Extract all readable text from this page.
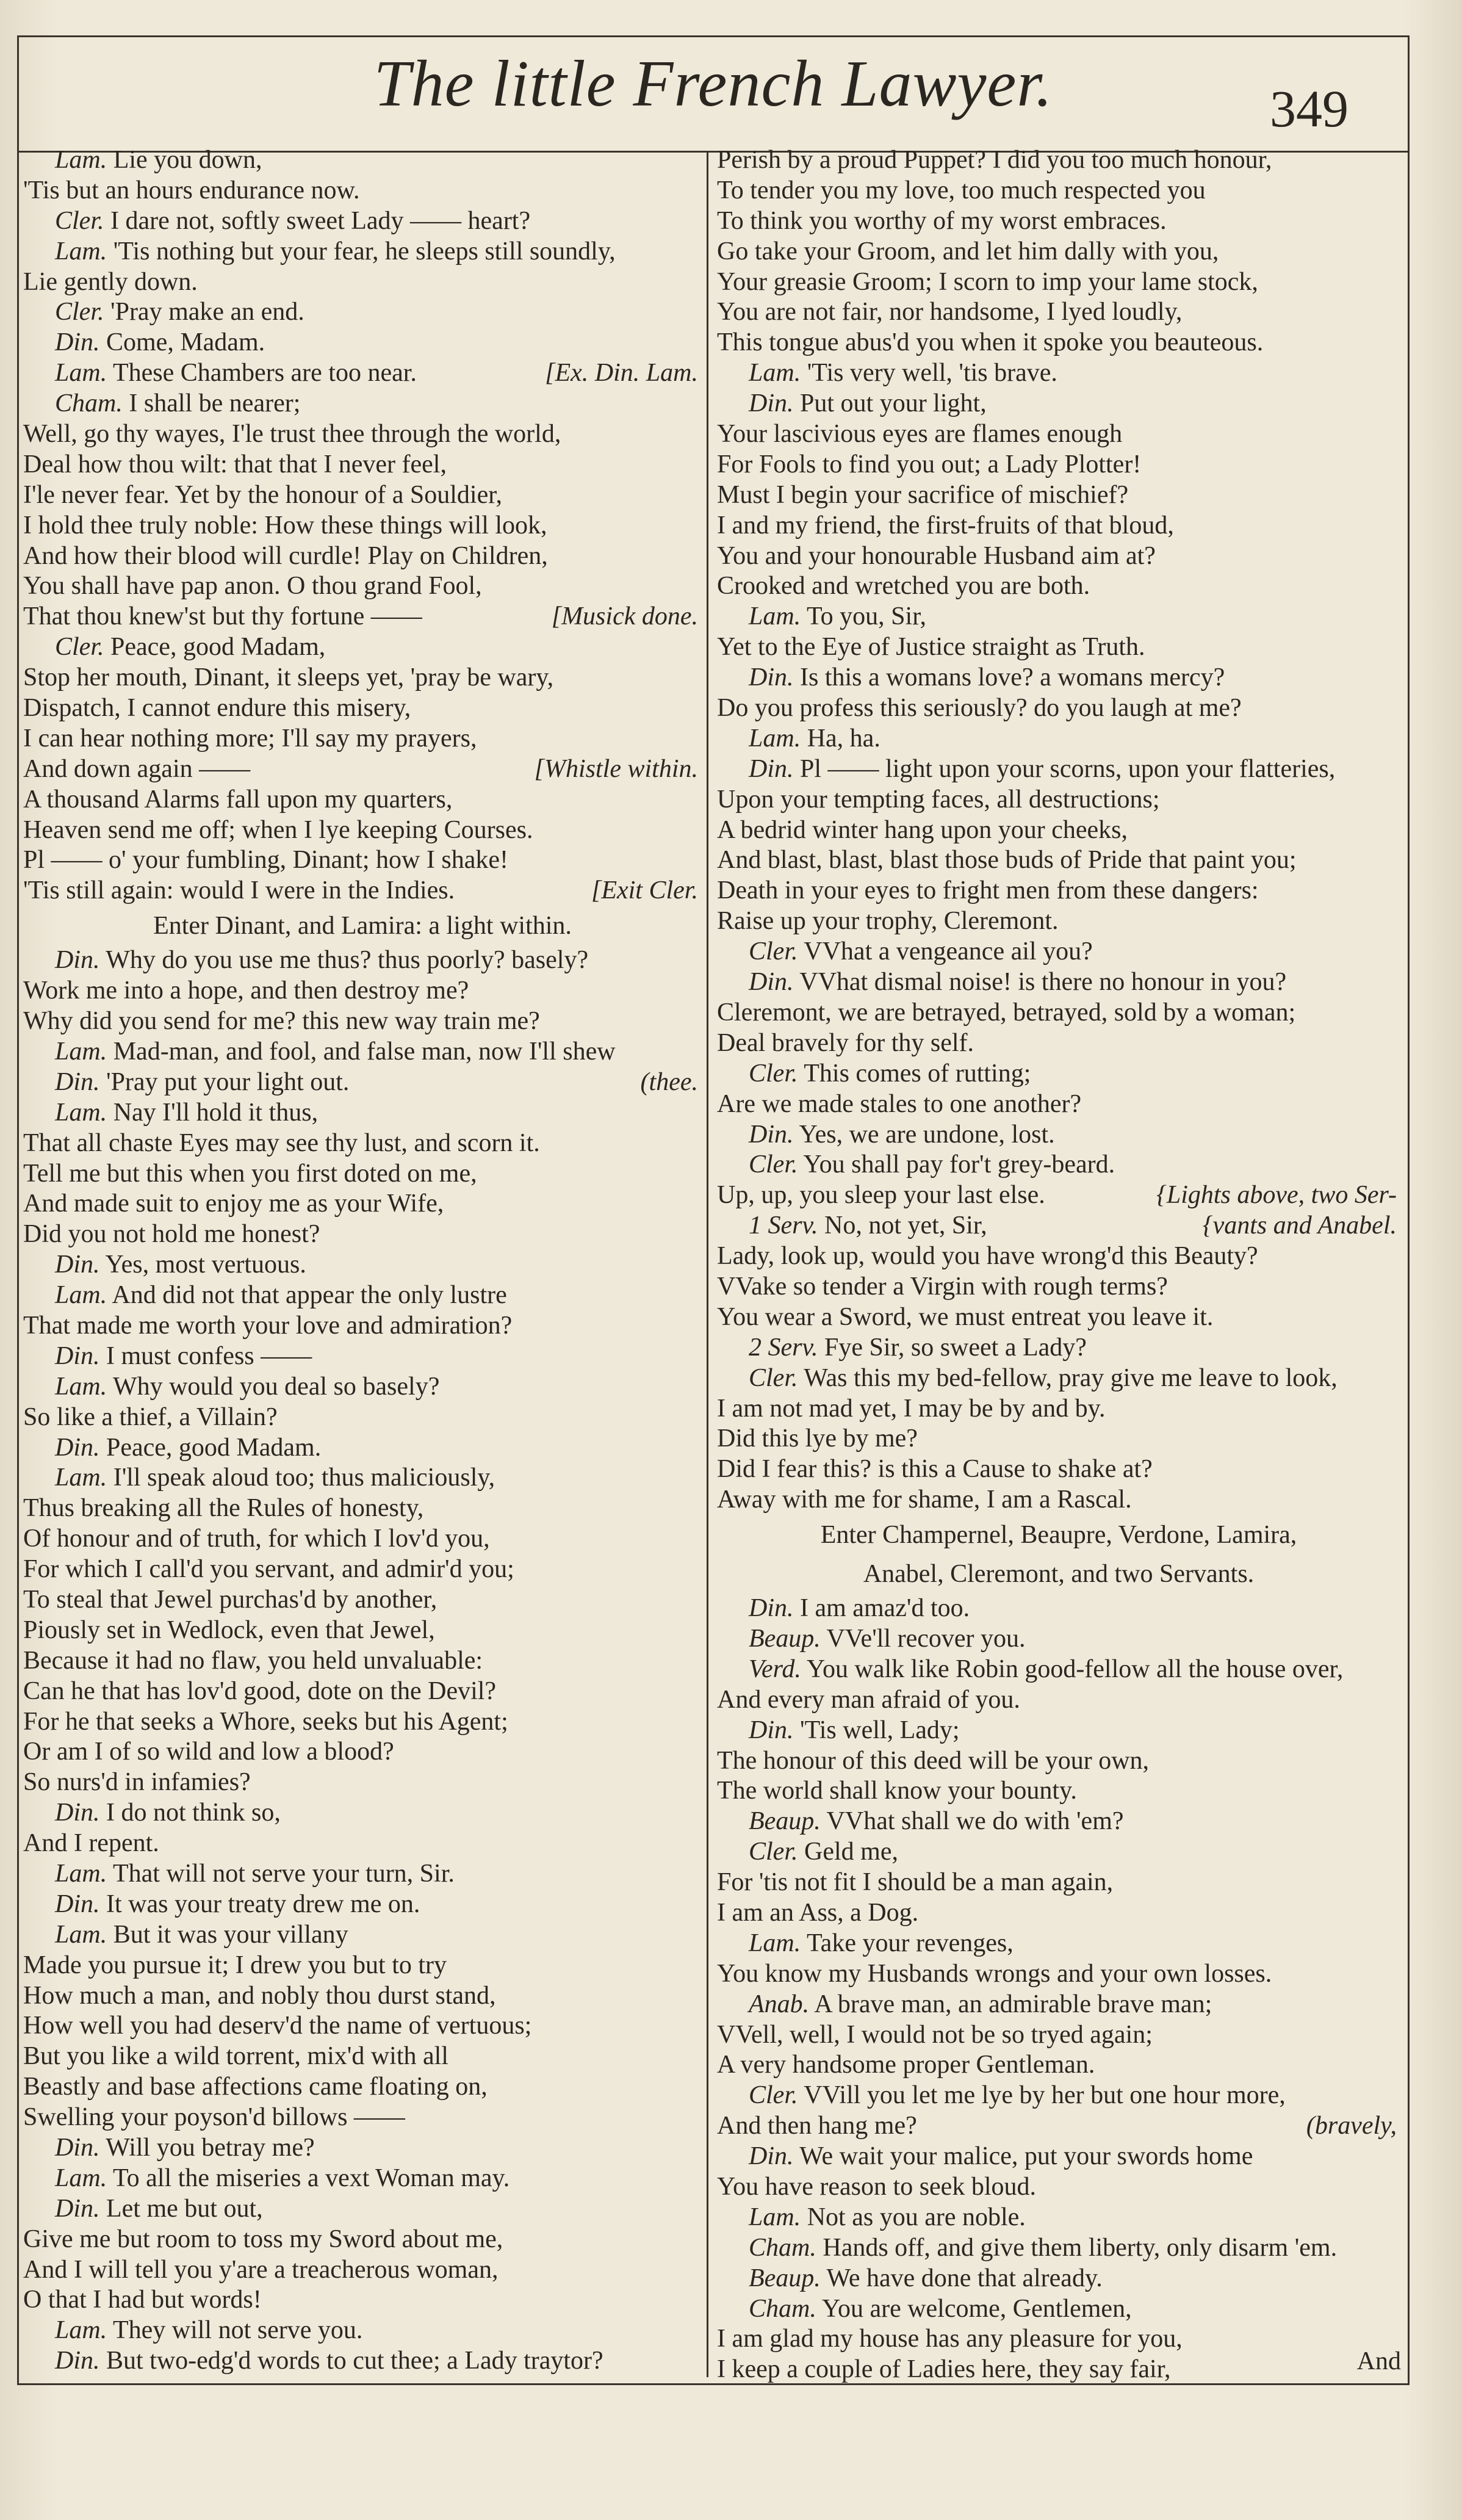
The little French Lawyer.	349
Lam. Lie you down,
'Tis but an hours endurance now.
Cler. I dare not, softly sweet Lady —— heart?
Lam. 'Tis nothing but your fear, he sleeps still soundly,
Lie gently down.
Cler. 'Pray make an end.
Din. Come, Madam.
Lam. These Chambers are too near.	[Ex. Din. Lam.
Cham. I shall be nearer;
Well, go thy wayes, I'le trust thee through the world,
Deal how thou wilt: that that I never feel,
I'le never fear. Yet by the honour of a Souldier,
I hold thee truly noble: How these things will look,
And how their blood will curdle! Play on Children,
You shall have pap anon. O thou grand Fool,
That thou knew'st but thy fortune ——	[Musick done.
Cler. Peace, good Madam,
Stop her mouth, Dinant, it sleeps yet, 'pray be wary,
Dispatch, I cannot endure this misery,
I can hear nothing more; I'll say my prayers,
And down again ——	[Whistle within.
A thousand Alarms fall upon my quarters,
Heaven send me off; when I lye keeping Courses.
Pl —— o' your fumbling, Dinant; how I shake!
'Tis still again: would I were in the Indies.	[Exit Cler.
Enter Dinant, and Lamira: a light within.
Din. Why do you use me thus? thus poorly? basely?
Work me into a hope, and then destroy me?
Why did you send for me? this new way train me?
Lam. Mad-man, and fool, and false man, now I'll shew
Din. 'Pray put your light out.	(thee.
Lam. Nay I'll hold it thus,
That all chaste Eyes may see thy lust, and scorn it.
Tell me but this when you first doted on me,
And made suit to enjoy me as your Wife,
Did you not hold me honest?
Din. Yes, most vertuous.
Lam. And did not that appear the only lustre
That made me worth your love and admiration?
Din. I must confess ——
Lam. Why would you deal so basely?
So like a thief, a Villain?
Din. Peace, good Madam.
Lam. I'll speak aloud too; thus maliciously,
Thus breaking all the Rules of honesty,
Of honour and of truth, for which I lov'd you,
For which I call'd you servant, and admir'd you;
To steal that Jewel purchas'd by another,
Piously set in Wedlock, even that Jewel,
Because it had no flaw, you held unvaluable:
Can he that has lov'd good, dote on the Devil?
For he that seeks a Whore, seeks but his Agent;
Or am I of so wild and low a blood?
So nurs'd in infamies?
Din. I do not think so,
And I repent.
Lam. That will not serve your turn, Sir.
Din. It was your treaty drew me on.
Lam. But it was your villany
Made you pursue it; I drew you but to try
How much a man, and nobly thou durst stand,
How well you had deserv'd the name of vertuous;
But you like a wild torrent, mix'd with all
Beastly and base affections came floating on,
Swelling your poyson'd billows ——
Din. Will you betray me?
Lam. To all the miseries a vext Woman may.
Din. Let me but out,
Give me but room to toss my Sword about me,
And I will tell you y'are a treacherous woman,
O that I had but words!
Lam. They will not serve you.
Din. But two-edg'd words to cut thee; a Lady traytor?
Perish by a proud Puppet? I did you too much honour,
To tender you my love, too much respected you
To think you worthy of my worst embraces.
Go take your Groom, and let him dally with you,
Your greasie Groom; I scorn to imp your lame stock,
You are not fair, nor handsome, I lyed loudly,
This tongue abus'd you when it spoke you beauteous.
Lam. 'Tis very well, 'tis brave.
Din. Put out your light,
Your lascivious eyes are flames enough
For Fools to find you out; a Lady Plotter!
Must I begin your sacrifice of mischief?
I and my friend, the first-fruits of that bloud,
You and your honourable Husband aim at?
Crooked and wretched you are both.
Lam. To you, Sir,
Yet to the Eye of Justice straight as Truth.
Din. Is this a womans love? a womans mercy?
Do you profess this seriously? do you laugh at me?
Lam. Ha, ha.
Din. Pl —— light upon your scorns, upon your flatteries,
Upon your tempting faces, all destructions;
A bedrid winter hang upon your cheeks,
And blast, blast, blast those buds of Pride that paint you;
Death in your eyes to fright men from these dangers:
Raise up your trophy, Cleremont.
Cler. VVhat a vengeance ail you?
Din. VVhat dismal noise! is there no honour in you?
Cleremont, we are betrayed, betrayed, sold by a woman;
Deal bravely for thy self.
Cler. This comes of rutting;
Are we made stales to one another?
Din. Yes, we are undone, lost.
Cler. You shall pay for't grey-beard.
Up, up, you sleep your last else.	{Lights above, two Ser-
1 Serv. No, not yet, Sir,	{vants and Anabel.
Lady, look up, would you have wrong'd this Beauty?
VVake so tender a Virgin with rough terms?
You wear a Sword, we must entreat you leave it.
2 Serv. Fye Sir, so sweet a Lady?
Cler. Was this my bed-fellow, pray give me leave to look,
I am not mad yet, I may be by and by.
Did this lye by me?
Did I fear this? is this a Cause to shake at?
Away with me for shame, I am a Rascal.
Enter Champernel, Beaupre, Verdone, Lamira,
Anabel, Cleremont, and two Servants.
Din. I am amaz'd too.
Beaup. VVe'll recover you.
Verd. You walk like Robin good-fellow all the house over,
And every man afraid of you.
Din. 'Tis well, Lady;
The honour of this deed will be your own,
The world shall know your bounty.
Beaup. VVhat shall we do with 'em?
Cler. Geld me,
For 'tis not fit I should be a man again,
I am an Ass, a Dog.
Lam. Take your revenges,
You know my Husbands wrongs and your own losses.
Anab. A brave man, an admirable brave man;
VVell, well, I would not be so tryed again;
A very handsome proper Gentleman.
Cler. VVill you let me lye by her but one hour more,
And then hang me?	(bravely,
Din. We wait your malice, put your swords home
You have reason to seek bloud.
Lam. Not as you are noble.
Cham. Hands off, and give them liberty, only disarm 'em.
Beaup. We have done that already.
Cham. You are welcome, Gentlemen,
I am glad my house has any pleasure for you,
I keep a couple of Ladies here, they say fair,	And
